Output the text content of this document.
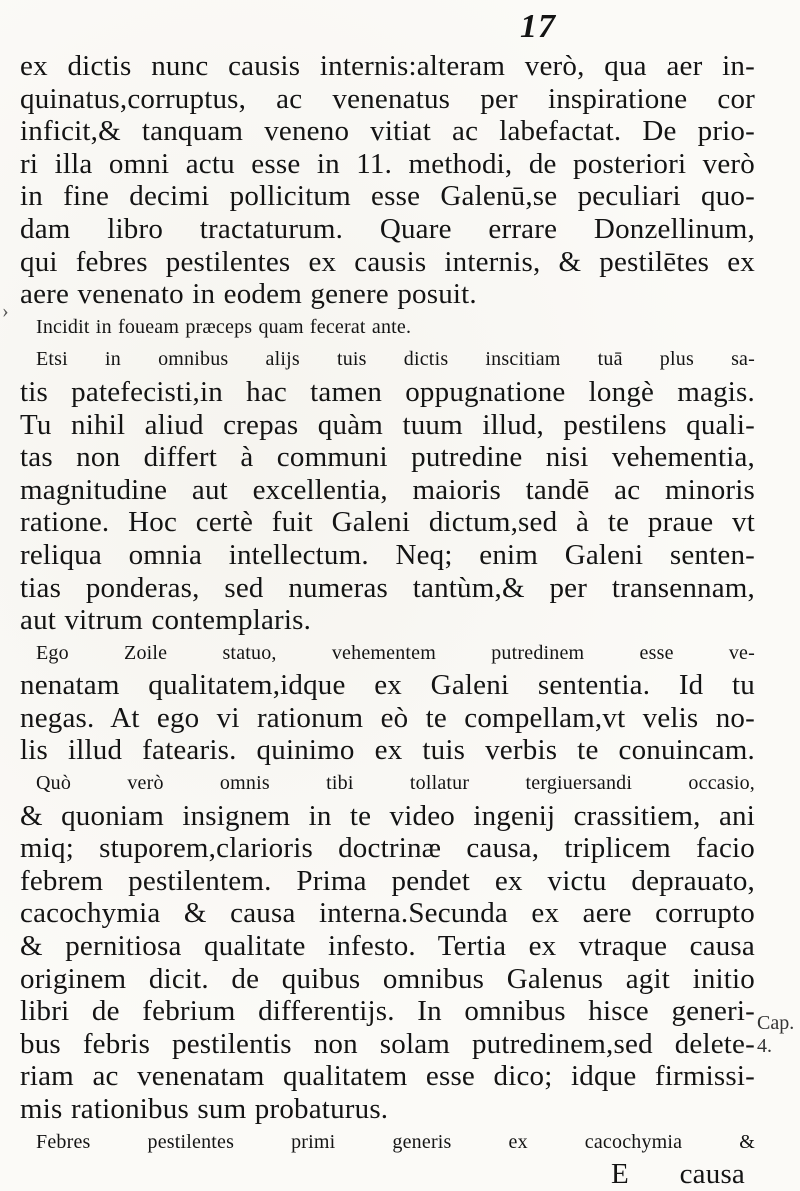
17
ex dictis nunc causis internis:alteram verò, qua aer in-
quinatus,corruptus, ac venenatus per inspiratione cor
inficit,& tanquam veneno vitiat ac labefactat. De prio-
ri illa omni actu esse in 11. methodi, de posteriori verò
in fine decimi pollicitum esse Galenū,se peculiari quo-
dam libro tractaturum. Quare errare Donzellinum,
qui febres pestilentes ex causis internis, & pestilētes ex
aere venenato in eodem genere posuit.
Incidit in foueam præceps quam fecerat ante.
Etsi in omnibus alijs tuis dictis inscitiam tuā plus sa-
tis patefecisti,in hac tamen oppugnatione longè magis.
Tu nihil aliud crepas quàm tuum illud, pestilens quali-
tas non differt à communi putredine nisi vehementia,
magnitudine aut excellentia, maioris tandē ac minoris
ratione. Hoc certè fuit Galeni dictum,sed à te praue vt
reliqua omnia intellectum. Neq; enim Galeni senten-
tias ponderas, sed numeras tantùm,& per transennam,
aut vitrum contemplaris.
Ego Zoile statuo, vehementem putredinem esse ve-
nenatam qualitatem,idque ex Galeni sententia. Id tu
negas. At ego vi rationum eò te compellam,vt velis no-
lis illud fatearis. quinimo ex tuis verbis te conuincam.
Quò verò omnis tibi tollatur tergiuersandi occasio,
& quoniam insignem in te video ingenij crassitiem, ani
miq; stuporem,clarioris doctrinæ causa, triplicem facio
febrem pestilentem. Prima pendet ex victu deprauato,
cacochymia & causa interna.Secunda ex aere corrupto
& pernitiosa qualitate infesto. Tertia ex vtraque causa
originem dicit. de quibus omnibus Galenus agit initio
libri de febrium differentijs. In omnibus hisce generi-
bus febris pestilentis non solam putredinem,sed delete-
riam ac venenatam qualitatem esse dico; idque firmissi-
mis rationibus sum probaturus.
Febres pestilentes primi generis ex cacochymia &
E      causa
Cap. 4.
›
